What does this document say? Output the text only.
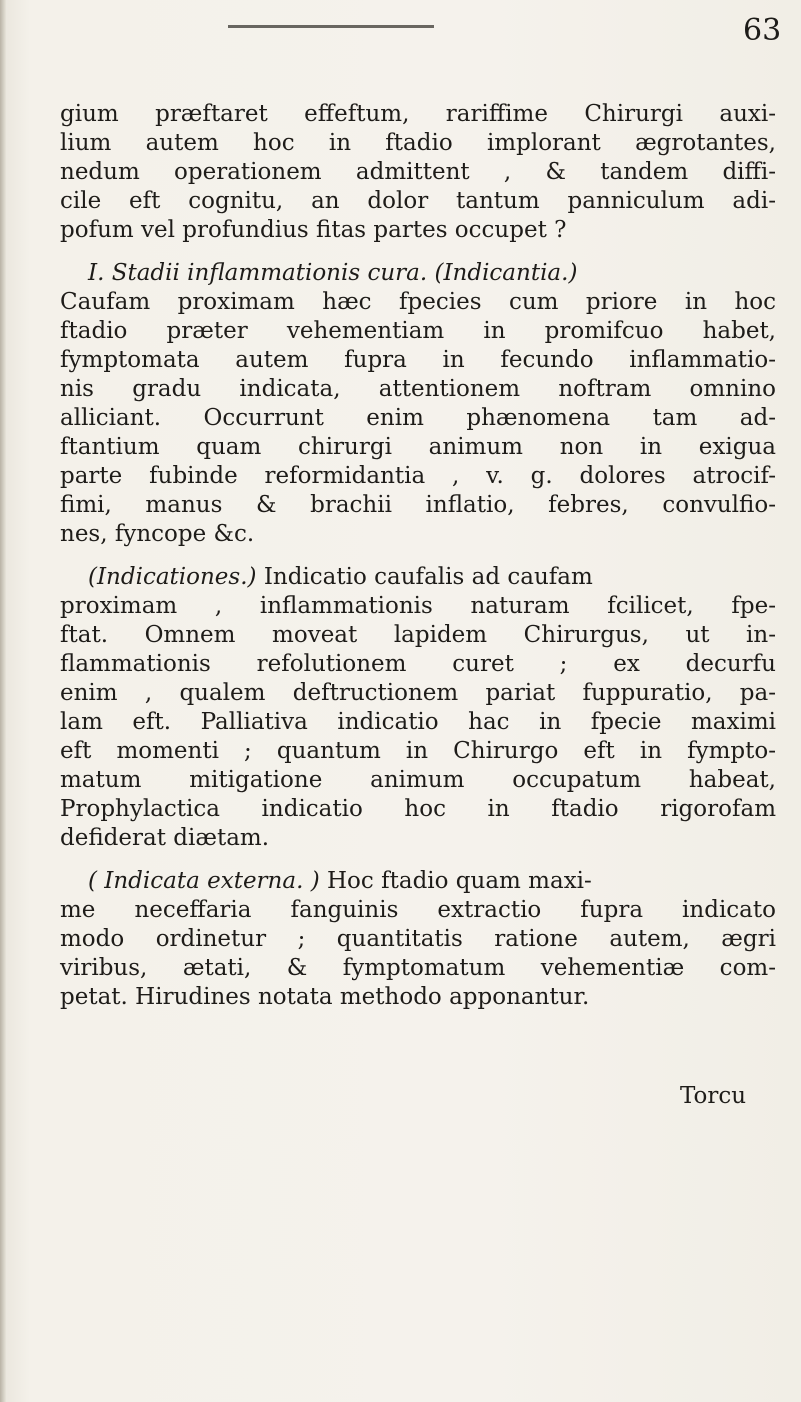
63
gium præftaret effeftum, rariffime Chirurgi auxi-
lium autem hoc in ftadio implorant ægrotantes,
nedum operationem admittent , & tandem diffi-
cile eft cognitu, an dolor tantum panniculum adi-
pofum vel profundius fitas partes occupet ?
I. Stadii inflammationis cura. (Indicantia.)
Caufam proximam hæc fpecies cum priore in hoc
ftadio præter vehementiam in promifcuo habet,
fymptomata autem fupra in fecundo inflammatio-
nis gradu indicata, attentionem noftram omnino
alliciant. Occurrunt enim phænomena tam ad-
ftantium quam chirurgi animum non in exigua
parte fubinde reformidantia , v. g. dolores atrocif-
fimi, manus & brachii inflatio, febres, convulfio-
nes, fyncope &c.
(Indicationes.) Indicatio caufalis ad caufam
proximam , inflammationis naturam fcilicet, fpe-
ftat. Omnem moveat lapidem Chirurgus, ut in-
flammationis refolutionem curet ; ex decurfu
enim , qualem deftructionem pariat fuppuratio, pa-
lam eft. Palliativa indicatio hac in fpecie maximi
eft momenti ; quantum in Chirurgo eft in fympto-
matum mitigatione animum occupatum habeat,
Prophylactica indicatio hoc in ftadio rigorofam
defiderat diætam.
( Indicata externa. ) Hoc ftadio quam maxi-
me neceffaria fanguinis extractio fupra indicato
modo ordinetur ; quantitatis ratione autem, ægri
viribus, ætati, & fymptomatum vehementiæ com-
petat. Hirudines notata methodo apponantur.
Torcu
